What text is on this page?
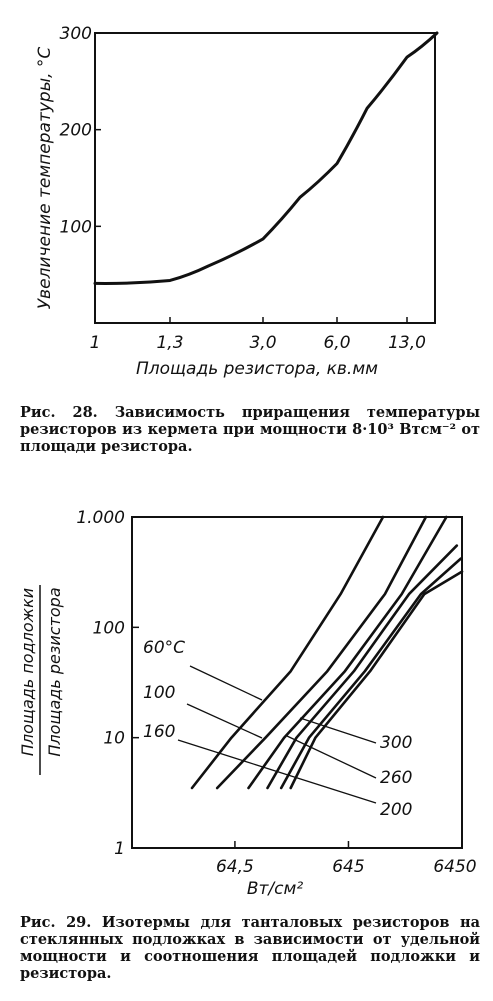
1	1,3	3,0	6,0 13,0
100
200
300
Площадь резистора, кв.мм
Увеличение температуры, °C
Рис. 28. Зависимость приращения температуры резисторов из кермета при мощности 8·10³ Втсм⁻² от площади резистора.
1
10
100
1.000
64,5	645	6450
Вт/см²
Площадь подложки Площадь резистора	60°C
100
160
300
260
200
Рис. 29. Изотермы для танталовых резисторов на стеклянных подложках в зависимости от удельной мощности и соотношения площадей подложки и резистора.
